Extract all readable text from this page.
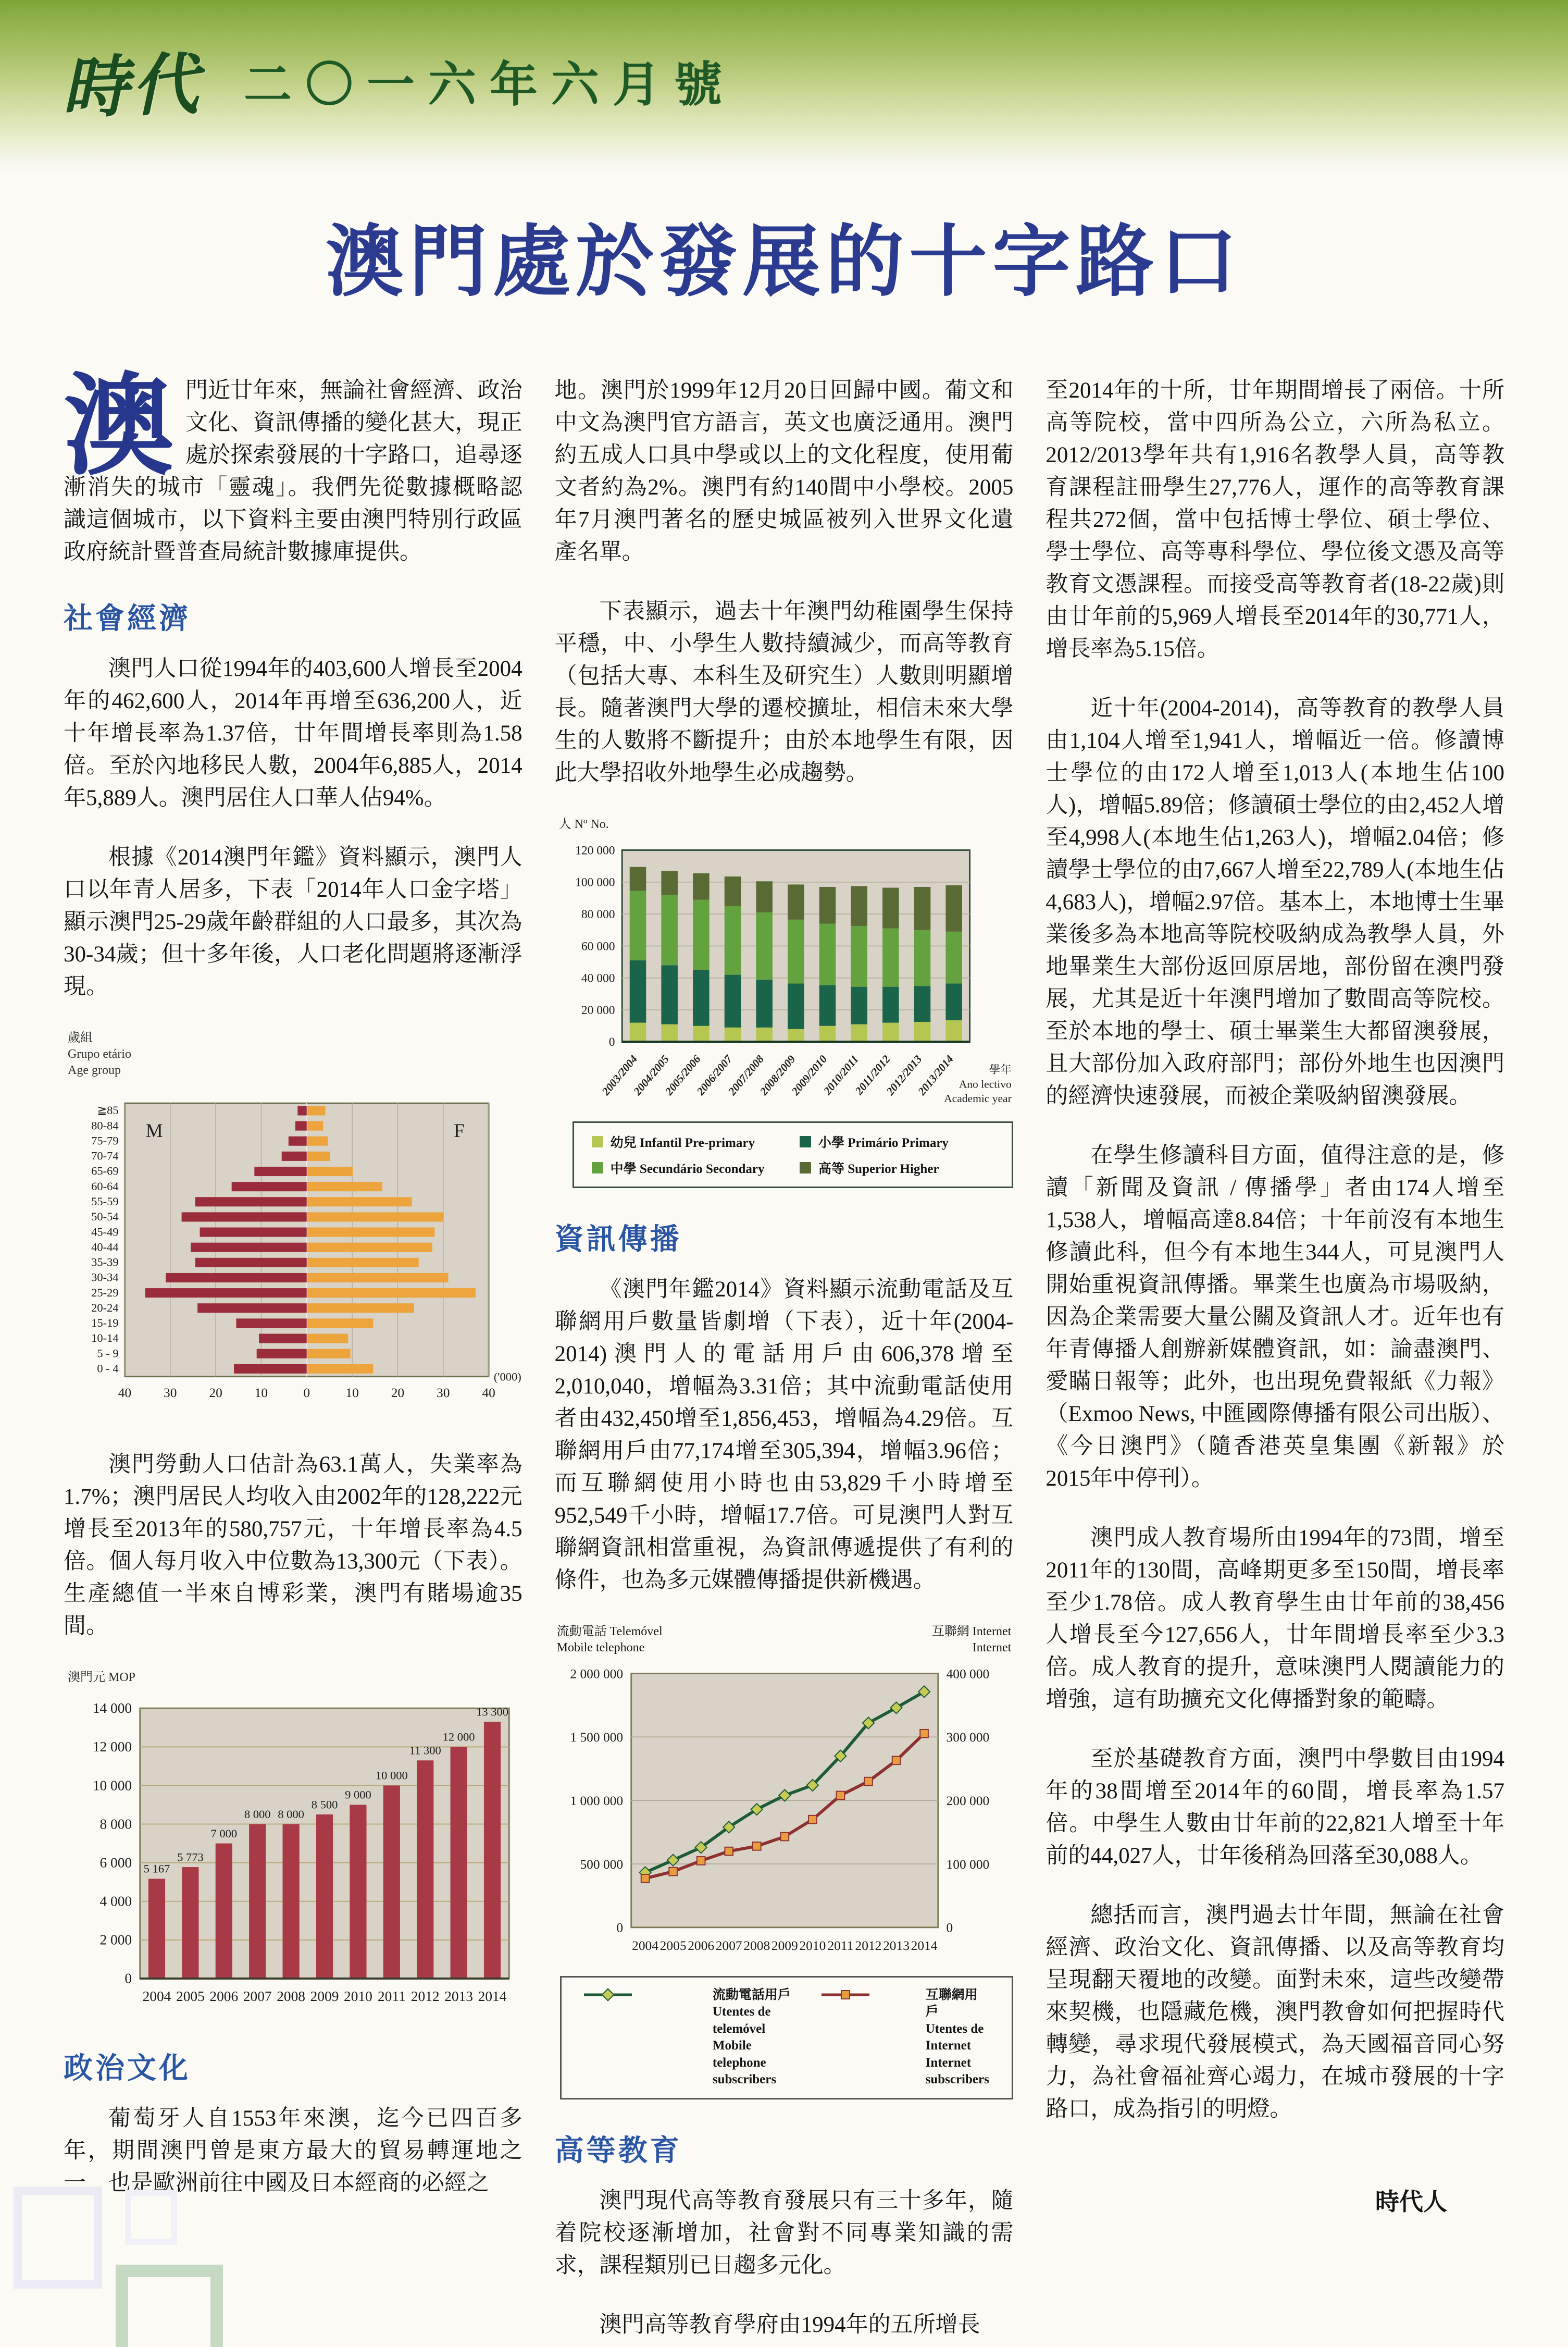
時代 二〇一六年六月號
澳門處於發展的十字路口

澳門近廿年來，無論社會經濟、政治文化、資訊傳播的變化甚大，現正處於探索發展的十字路口，追尋逐漸消失的城市「靈魂」。我們先從數據概略認識這個城市，以下資料主要由澳門特別行政區政府統計暨普查局統計數據庫提供。

社會經濟

澳門人口從1994年的403,600人增長至2004年的462,600人，2014年再增至636,200人，近十年增長率為1.37倍，廿年間增長率則為1.58倍。至於內地移民人數，2004年6,885人，2014年5,889人。澳門居住人口華人佔94%。

根據《2014澳門年鑑》資料顯示，澳門人口以年青人居多，下表「2014年人口金字塔」顯示澳門25-29歲年齡群組的人口最多，其次為30-34歲；但十多年後，人口老化問題將逐漸浮現。

歲組
Grupo etário
Age group
≧85
80-84
75-79
70-74
65-69
60-64
55-59
50-54
45-49
40-44
35-39
30-34
25-29
20-24
15-19
10-14
5 - 9
0 - 4
M	F
40 30 20 10	0	10 20 30 40
('000)

澳門勞動人口估計為63.1萬人，失業率為1.7%；澳門居民人均收入由2002年的128,222元增長至2013年的580,757元，十年增長率為4.5倍。個人每月收入中位數為13,300元（下表）。生產總值一半來自博彩業，澳門有賭場逾35間。

澳門元 MOP
0
2 000
4 000
6 000
8 000
10 000
12 000
14 000
5 167
2004
5 773
2005
7 000
2006
8 000
2007
8 000
2008
8 500
2009
9 000
2010
10 000
2011
11 300
2012
12 000
2013
13 300
2014
政治文化

葡萄牙人自1553年來澳，迄今已四百多年，期間澳門曾是東方最大的貿易轉運地之一，也是歐洲前往中國及日本經商的必經之

地。澳門於1999年12月20日回歸中國。葡文和中文為澳門官方語言，英文也廣泛通用。澳門約五成人口具中學或以上的文化程度，使用葡文者約為2%。澳門有約140間中小學校。2005年7月澳門著名的歷史城區被列入世界文化遺產名單。

下表顯示，過去十年澳門幼稚園學生保持平穩，中、小學生人數持續減少，而高等教育（包括大專、本科生及研究生）人數則明顯增長。隨著澳門大學的遷校擴址，相信未來大學生的人數將不斷提升；由於本地學生有限，因此大學招收外地學生必成趨勢。

人 Nº No.
0
20 000
40 000
60 000
80 000
100 000
120 000
2003/2004
2004/2005
2005/2006
2006/2007
2007/2008
2008/2009
2009/2010
2010/2011
2011/2012
2012/2013
2013/2014	學年
Ano lectivo
Academic year
幼兒 Infantil Pre-primary	小學 Primário Primary
中學 Secundário Secondary	高等 Superior Higher
資訊傳播

《澳門年鑑2014》資料顯示流動電話及互聯網用戶數量皆劇增（下表），近十年(2004-2014)澳門人的電話用戶由606,378增至2,010,040，增幅為3.31倍；其中流動電話使用者由432,450增至1,856,453，增幅為4.29倍。互聯網用戶由77,174增至305,394，增幅3.96倍；而互聯網使用小時也由53,829千小時增至952,549千小時，增幅17.7倍。可見澳門人對互聯網資訊相當重視，為資訊傳遞提供了有利的條件，也為多元媒體傳播提供新機遇。

流動電話 Telemóvel
Mobile telephone
互聯網 Internet
Internet
0
500 000
1 000 000
1 500 000
2 000 000
0
100 000
200 000
300 000
400 000
2004 2005 2006 2007 2008 2009 2010 2011 2012 2013 2014
流動電話用戶
Utentes de telemóvel
Mobile telephone subscribers
互聯網用戶
Utentes de Internet
Internet subscribers
高等教育

澳門現代高等教育發展只有三十多年，隨着院校逐漸增加，社會對不同專業知識的需求，課程類別已日趨多元化。

澳門高等教育學府由1994年的五所增長

至2014年的十所，廿年期間增長了兩倍。十所高等院校，當中四所為公立，六所為私立。2012/2013學年共有1,916名教學人員，高等教育課程註冊學生27,776人，運作的高等教育課程共272個，當中包括博士學位、碩士學位、學士學位、高等專科學位、學位後文憑及高等教育文憑課程。而接受高等教育者(18-22歲)則由廿年前的5,969人增長至2014年的30,771人，增長率為5.15倍。

近十年(2004-2014)，高等教育的教學人員由1,104人增至1,941人，增幅近一倍。修讀博士學位的由172人增至1,013人(本地生佔100人)，增幅5.89倍；修讀碩士學位的由2,452人增至4,998人(本地生佔1,263人)，增幅2.04倍；修讀學士學位的由7,667人增至22,789人(本地生佔4,683人)，增幅2.97倍。基本上，本地博士生畢業後多為本地高等院校吸納成為教學人員，外地畢業生大部份返回原居地，部份留在澳門發展，尤其是近十年澳門增加了數間高等院校。至於本地的學士、碩士畢業生大都留澳發展，且大部份加入政府部門；部份外地生也因澳門的經濟快速發展，而被企業吸納留澳發展。

在學生修讀科目方面，值得注意的是，修讀「新聞及資訊 / 傳播學」者由174人增至1,538人，增幅高達8.84倍；十年前沒有本地生修讀此科，但今有本地生344人，可見澳門人開始重視資訊傳播。畢業生也廣為市場吸納，因為企業需要大量公關及資訊人才。近年也有年青傳播人創辦新媒體資訊，如：論盡澳門、愛瞞日報等；此外，也出現免費報紙《力報》（Exmoo News, 中匯國際傳播有限公司出版）、《今日澳門》（隨香港英皇集團《新報》於2015年中停刊）。

澳門成人教育場所由1994年的73間，增至2011年的130間，高峰期更多至150間，增長率至少1.78倍。成人教育學生由廿年前的38,456人增長至今127,656人，廿年間增長率至少3.3倍。成人教育的提升，意味澳門人閱讀能力的增強，這有助擴充文化傳播對象的範疇。

至於基礎教育方面，澳門中學數目由1994年的38間增至2014年的60間，增長率為1.57倍。中學生人數由廿年前的22,821人增至十年前的44,027人，廿年後稍為回落至30,088人。

總括而言，澳門過去廿年間，無論在社會經濟、政治文化、資訊傳播、以及高等教育均呈現翻天覆地的改變。面對未來，這些改變帶來契機，也隱藏危機，澳門教會如何把握時代轉變，尋求現代發展模式，為天國福音同心努力，為社會福祉齊心竭力，在城市發展的十字路口，成為指引的明燈。

時代人
